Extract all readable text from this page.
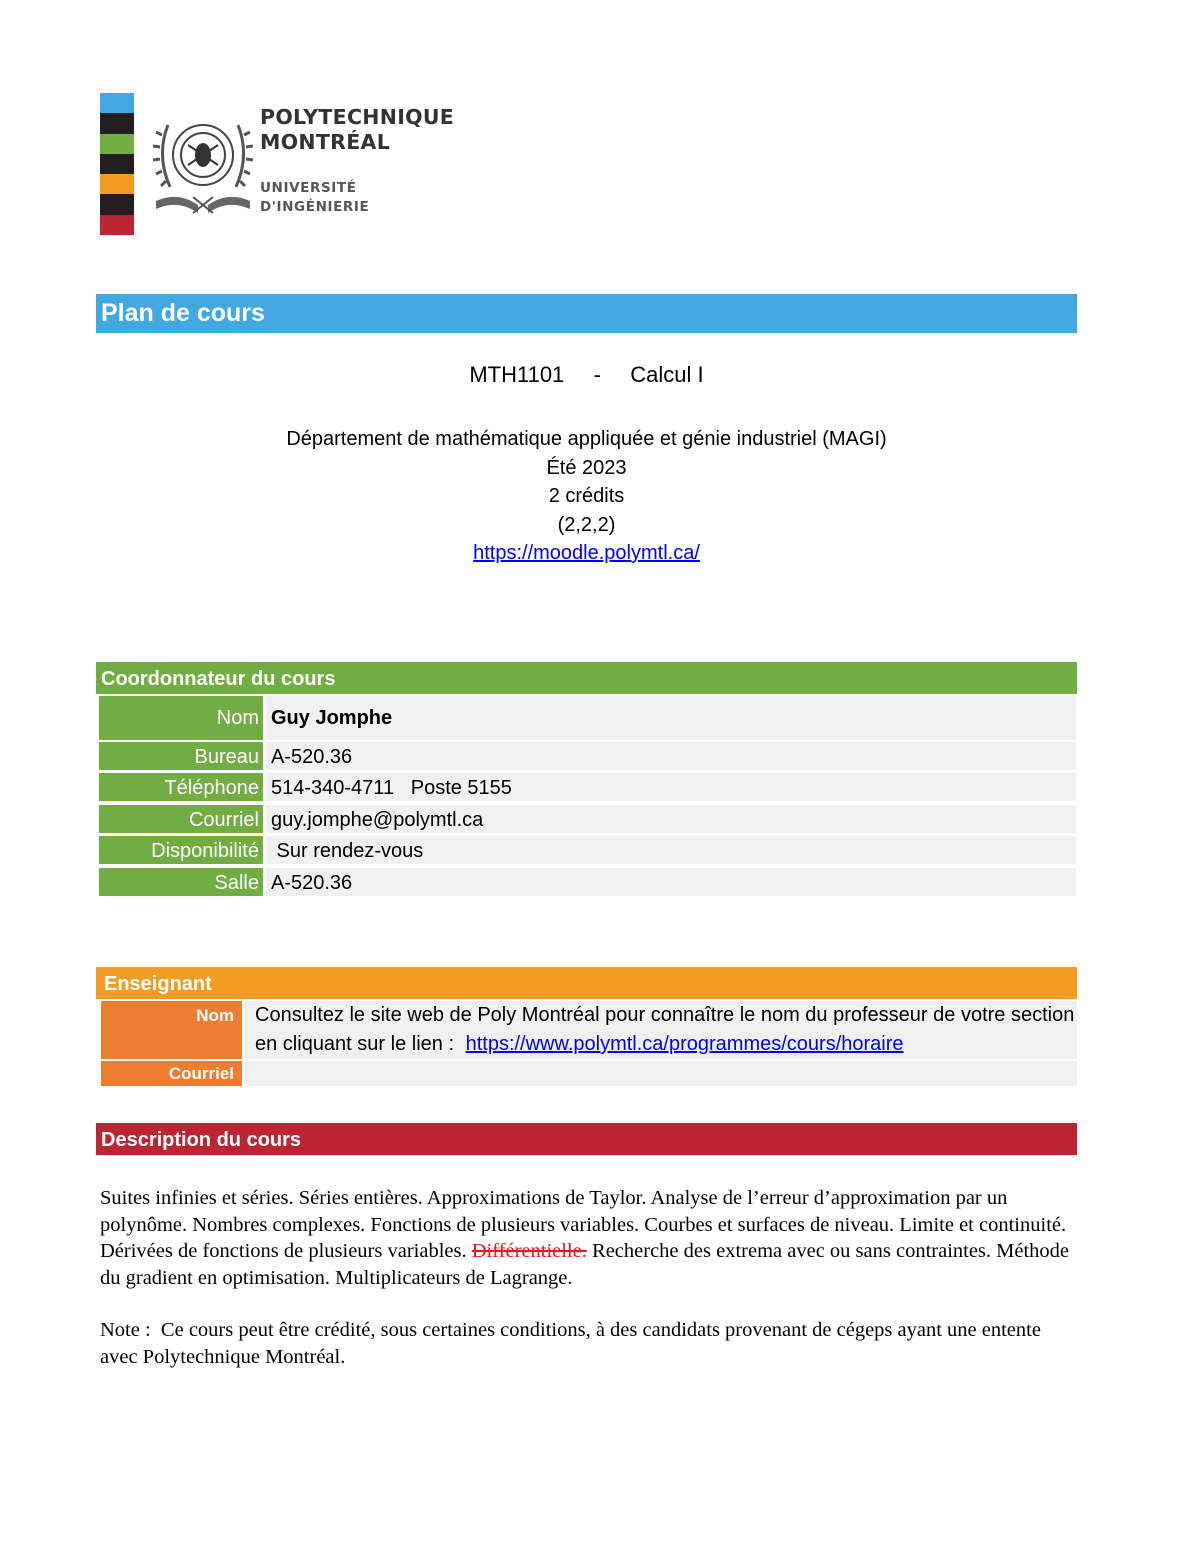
POLYTECHNIQUE
MONTRÉAL
UNIVERSITÉ
D'INGÉNIERIE
Plan de cours
MTH1101 - Calcul I
Département de mathématique appliquée et génie industriel (MAGI)
Été 2023
2 crédits
(2,2,2)
https://moodle.polymtl.ca/
Coordonnateur du cours
Nom Guy Jomphe
Bureau A-520.36
Téléphone 514-340-4711   Poste 5155
Courriel guy.jomphe@polymtl.ca
Disponibilité Sur rendez-vous
Salle A-520.36
Enseignant
Nom	Consultez le site web de Poly Montréal pour connaître le nom du professeur de votre section en cliquant sur le lien : https://www.polymtl.ca/programmes/cours/horaire
Courriel
Description du cours
Suites infinies et séries. Séries entières. Approximations de Taylor. Analyse de l’erreur d’approximation par un polynôme. Nombres complexes. Fonctions de plusieurs variables. Courbes et surfaces de niveau. Limite et continuité. Dérivées de fonctions de plusieurs variables. Différentielle. Recherche des extrema avec ou sans contraintes. Méthode du gradient en optimisation. Multiplicateurs de Lagrange.
Note :  Ce cours peut être crédité, sous certaines conditions, à des candidats provenant de cégeps ayant une entente avec Polytechnique Montréal.
